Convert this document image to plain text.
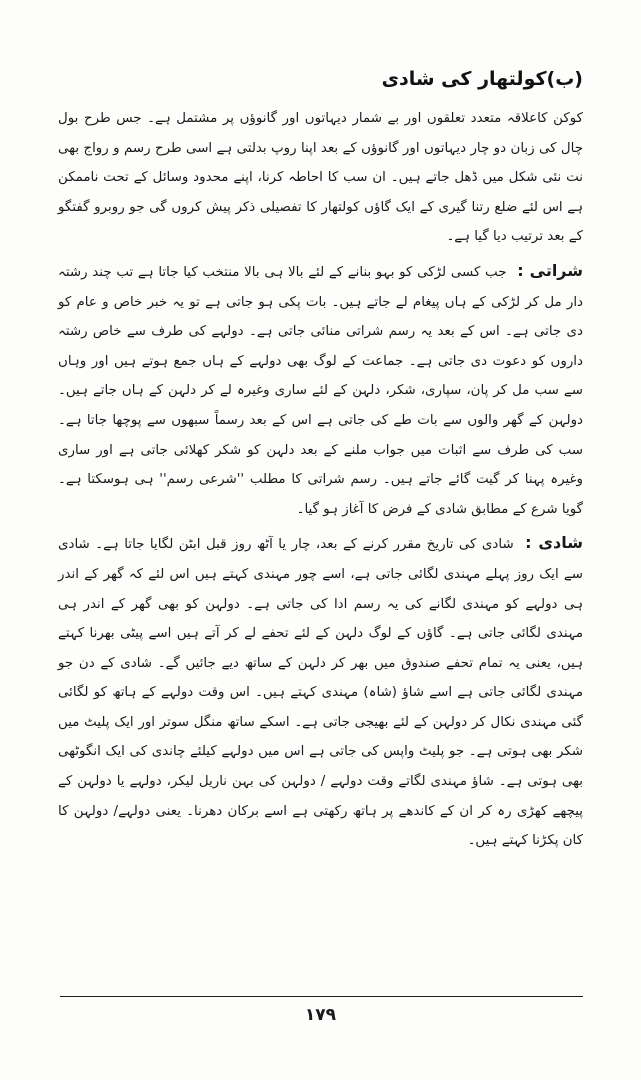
(ب)کولتھار کی شادی

کوکن کاعلاقہ متعدد تعلقوں اور بے شمار دیہاتوں اور گانوؤں پر مشتمل ہے۔ جس طرح بول چال کی زبان دو چار دیہاتوں اور گانوؤں کے بعد اپنا روپ بدلتی ہے اسی طرح رسم و رواج بھی نت نئی شکل میں ڈھل جاتے ہیں۔ ان سب کا احاطہ کرنا، اپنے محدود وسائل کے تحت ناممکن ہے اس لئے ضلع رتنا گیری کے ایک گاؤں کولتھار کا تفصیلی ذکر پیش کروں گی جو روبرو گفتگو کے بعد ترتیب دیا گیا ہے۔

شراتی : جب کسی لڑکی کو بہو بنانے کے لئے بالا ہی بالا منتخب کیا جاتا ہے تب چند رشتہ دار مل کر لڑکی کے ہاں پیغام لے جاتے ہیں۔ بات پکی ہو جاتی ہے تو یہ خبر خاص و عام کو دی جاتی ہے۔ اس کے بعد یہ رسم شراتی منائی جاتی ہے۔ دولہے کی طرف سے خاص رشتہ داروں کو دعوت دی جاتی ہے۔ جماعت کے لوگ بھی دولہے کے ہاں جمع ہوتے ہیں اور وہاں سے سب مل کر پان، سپاری، شکر، دلہن کے لئے ساری وغیرہ لے کر دلہن کے ہاں جاتے ہیں۔ دولہن کے گھر والوں سے بات طے کی جاتی ہے اس کے بعد رسماً سبھوں سے پوچھا جاتا ہے۔ سب کی طرف سے اثبات میں جواب ملنے کے بعد دلہن کو شکر کھلائی جاتی ہے اور ساری وغیرہ پہنا کر گیت گائے جاتے ہیں۔ رسم شراتی کا مطلب ''شرعی رسم'' ہی ہوسکتا ہے۔ گویا شرع کے مطابق شادی کے فرض کا آغاز ہو گیا۔

شادی : شادی کی تاریخ مقرر کرنے کے بعد، چار یا آٹھ روز قبل ابٹن لگایا جاتا ہے۔ شادی سے ایک روز پہلے مہندی لگائی جاتی ہے، اسے چور مہندی کہتے ہیں اس لئے کہ گھر کے اندر ہی دولہے کو مہندی لگانے کی یہ رسم ادا کی جاتی ہے۔ دولہن کو بھی گھر کے اندر ہی مہندی لگائی جاتی ہے۔ گاؤں کے لوگ دلہن کے لئے تحفے لے کر آتے ہیں اسے پیٹی بھرنا کہتے ہیں، یعنی یہ تمام تحفے صندوق میں بھر کر دلہن کے ساتھ دیے جائیں گے۔ شادی کے دن جو مہندی لگائی جاتی ہے اسے شاؤ (شاہ) مہندی کہتے ہیں۔ اس وقت دولہے کے ہاتھ کو لگائی گئی مہندی نکال کر دولہن کے لئے بھیجی جاتی ہے۔ اسکے ساتھ منگل سوتر اور ایک پلیٹ میں شکر بھی ہوتی ہے۔ جو پلیٹ واپس کی جاتی ہے اس میں دولہے کیلئے چاندی کی ایک انگوٹھی بھی ہوتی ہے۔ شاؤ مہندی لگاتے وقت دولہے / دولہن کی بہن ناریل لیکر، دولہے یا دولہن کے پیچھے کھڑی رہ کر ان کے کاندھے پر ہاتھ رکھتی ہے اسے برکان دھرنا۔ یعنی دولہے/ دولہن کا کان پکڑنا کہتے ہیں۔

۱۷۹
